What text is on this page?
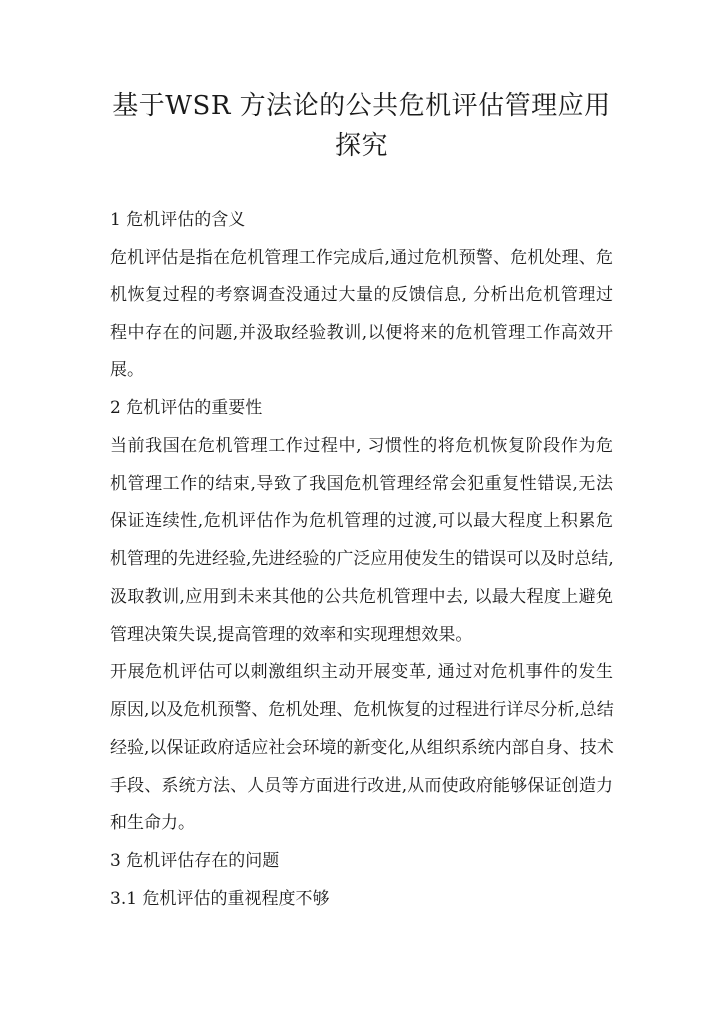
基于WSR 方法论的公共危机评估管理应用
探究
1 危机评估的含义
危机评估是指在危机管理工作完成后,通过危机预警、危机处理、危
机恢复过程的考察调查没通过大量的反馈信息, 分析出危机管理过
程中存在的问题,并汲取经验教训,以便将来的危机管理工作高效开
展。
2 危机评估的重要性
当前我国在危机管理工作过程中, 习惯性的将危机恢复阶段作为危
机管理工作的结束,导致了我国危机管理经常会犯重复性错误,无法
保证连续性,危机评估作为危机管理的过渡,可以最大程度上积累危
机管理的先进经验,先进经验的广泛应用使发生的错误可以及时总结,
汲取教训,应用到未来其他的公共危机管理中去, 以最大程度上避免
管理决策失误,提高管理的效率和实现理想效果。
开展危机评估可以刺激组织主动开展变革, 通过对危机事件的发生
原因,以及危机预警、危机处理、危机恢复的过程进行详尽分析,总结
经验,以保证政府适应社会环境的新变化,从组织系统内部自身、技术
手段、系统方法、人员等方面进行改进,从而使政府能够保证创造力
和生命力。
3 危机评估存在的问题
3.1 危机评估的重视程度不够
